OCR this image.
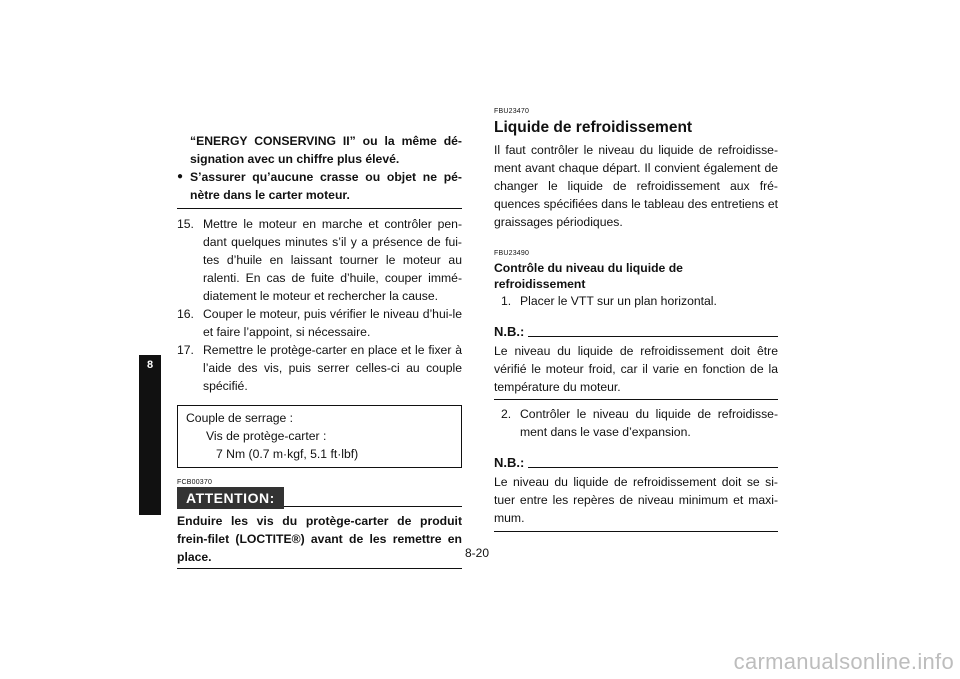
8
“ENERGY CONSERVING II” ou la même dé-signation avec un chiffre plus élevé.
● S’assurer qu’aucune crasse ou objet ne pé-nètre dans le carter moteur.
15. Mettre le moteur en marche et contrôler pen-dant quelques minutes s’il y a présence de fui-tes d’huile en laissant tourner le moteur au ralenti. En cas de fuite d’huile, couper immé-diatement le moteur et rechercher la cause.
16. Couper le moteur, puis vérifier le niveau d’hui-le et faire l’appoint, si nécessaire.
17. Remettre le protège-carter en place et le fixer à l’aide des vis, puis serrer celles-ci au couple spécifié.
Couple de serrage :
Vis de protège-carter :
7 Nm (0.7 m·kgf, 5.1 ft·lbf)
FCB00370
ATTENTION:
Enduire les vis du protège-carter de produit frein-filet (LOCTITE®) avant de les remettre en place.
FBU23470
Liquide de refroidissement
Il faut contrôler le niveau du liquide de refroidisse-ment avant chaque départ. Il convient également de changer le liquide de refroidissement aux fré-quences spécifiées dans le tableau des entretiens et graissages périodiques.
FBU23490
Contrôle du niveau du liquide de
refroidissement
1. Placer le VTT sur un plan horizontal.
N.B.:
Le niveau du liquide de refroidissement doit être vérifié le moteur froid, car il varie en fonction de la température du moteur.
2. Contrôler le niveau du liquide de refroidisse-ment dans le vase d’expansion.
N.B.:
Le niveau du liquide de refroidissement doit se si-tuer entre les repères de niveau minimum et maxi-mum.
8-20
carmanualsonline.info
